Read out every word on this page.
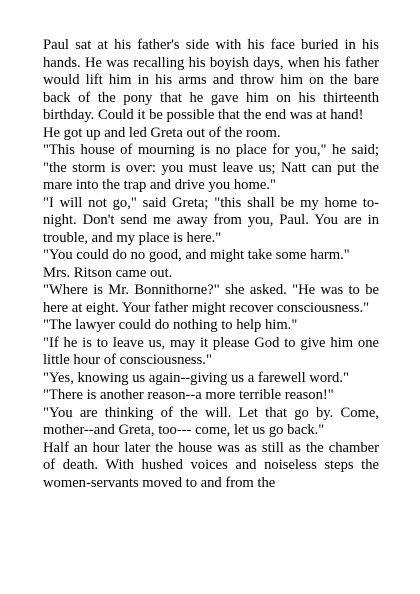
Paul sat at his father's side with his face buried in his hands. He was recalling his boyish days, when his father would lift him in his arms and throw him on the bare back of the pony that he gave him on his thirteenth birthday. Could it be possible that the end was at hand!

He got up and led Greta out of the room.

"This house of mourning is no place for you," he said; "the storm is over: you must leave us; Natt can put the mare into the trap and drive you home."

"I will not go," said Greta; "this shall be my home to-night. Don't send me away from you, Paul. You are in trouble, and my place is here."

"You could do no good, and might take some harm."

Mrs. Ritson came out.

"Where is Mr. Bonnithorne?" she asked. "He was to be here at eight. Your father might recover consciousness."

"The lawyer could do nothing to help him."

"If he is to leave us, may it please God to give him one little hour of consciousness."

"Yes, knowing us again--giving us a farewell word."

"There is another reason--a more terrible reason!"

"You are thinking of the will. Let that go by. Come, mother--and Greta, too--- come, let us go back."

Half an hour later the house was as still as the chamber of death. With hushed voices and noiseless steps the women-servants moved to and from the
